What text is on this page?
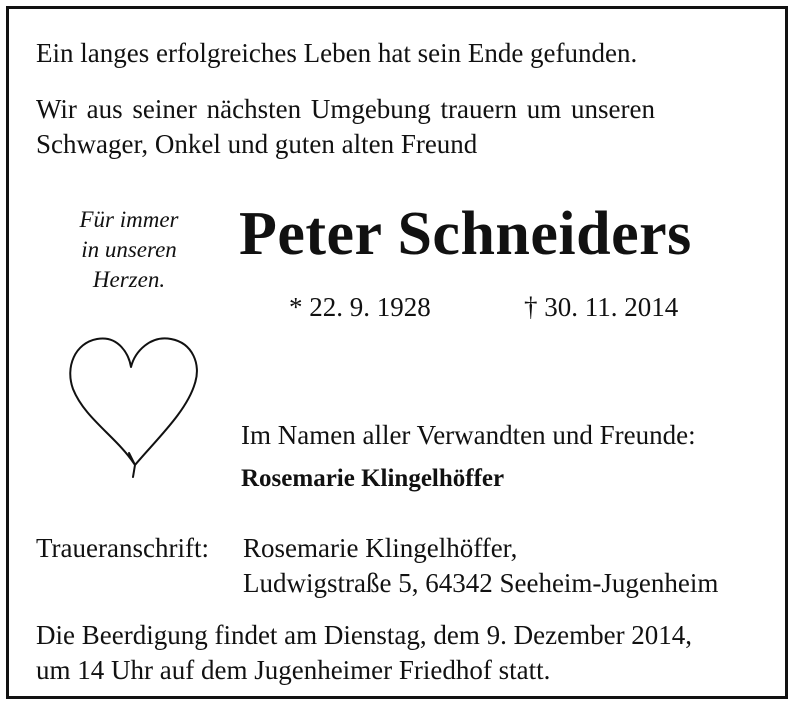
Ein langes erfolgreiches Leben hat sein Ende gefunden.
Wir aus seiner nächsten Umgebung trauern um unseren
Schwager, Onkel und guten alten Freund
Für immer
in unseren
Herzen.
Peter Schneiders
* 22. 9. 1928	† 30. 11. 2014
Im Namen aller Verwandten und Freunde:
Rosemarie Klingelhöffer
Traueranschrift: Rosemarie Klingelhöffer,
Ludwigstraße 5, 64342 Seeheim-Jugenheim
Die Beerdigung findet am Dienstag, dem 9. Dezember 2014,
um 14 Uhr auf dem Jugenheimer Friedhof statt.
